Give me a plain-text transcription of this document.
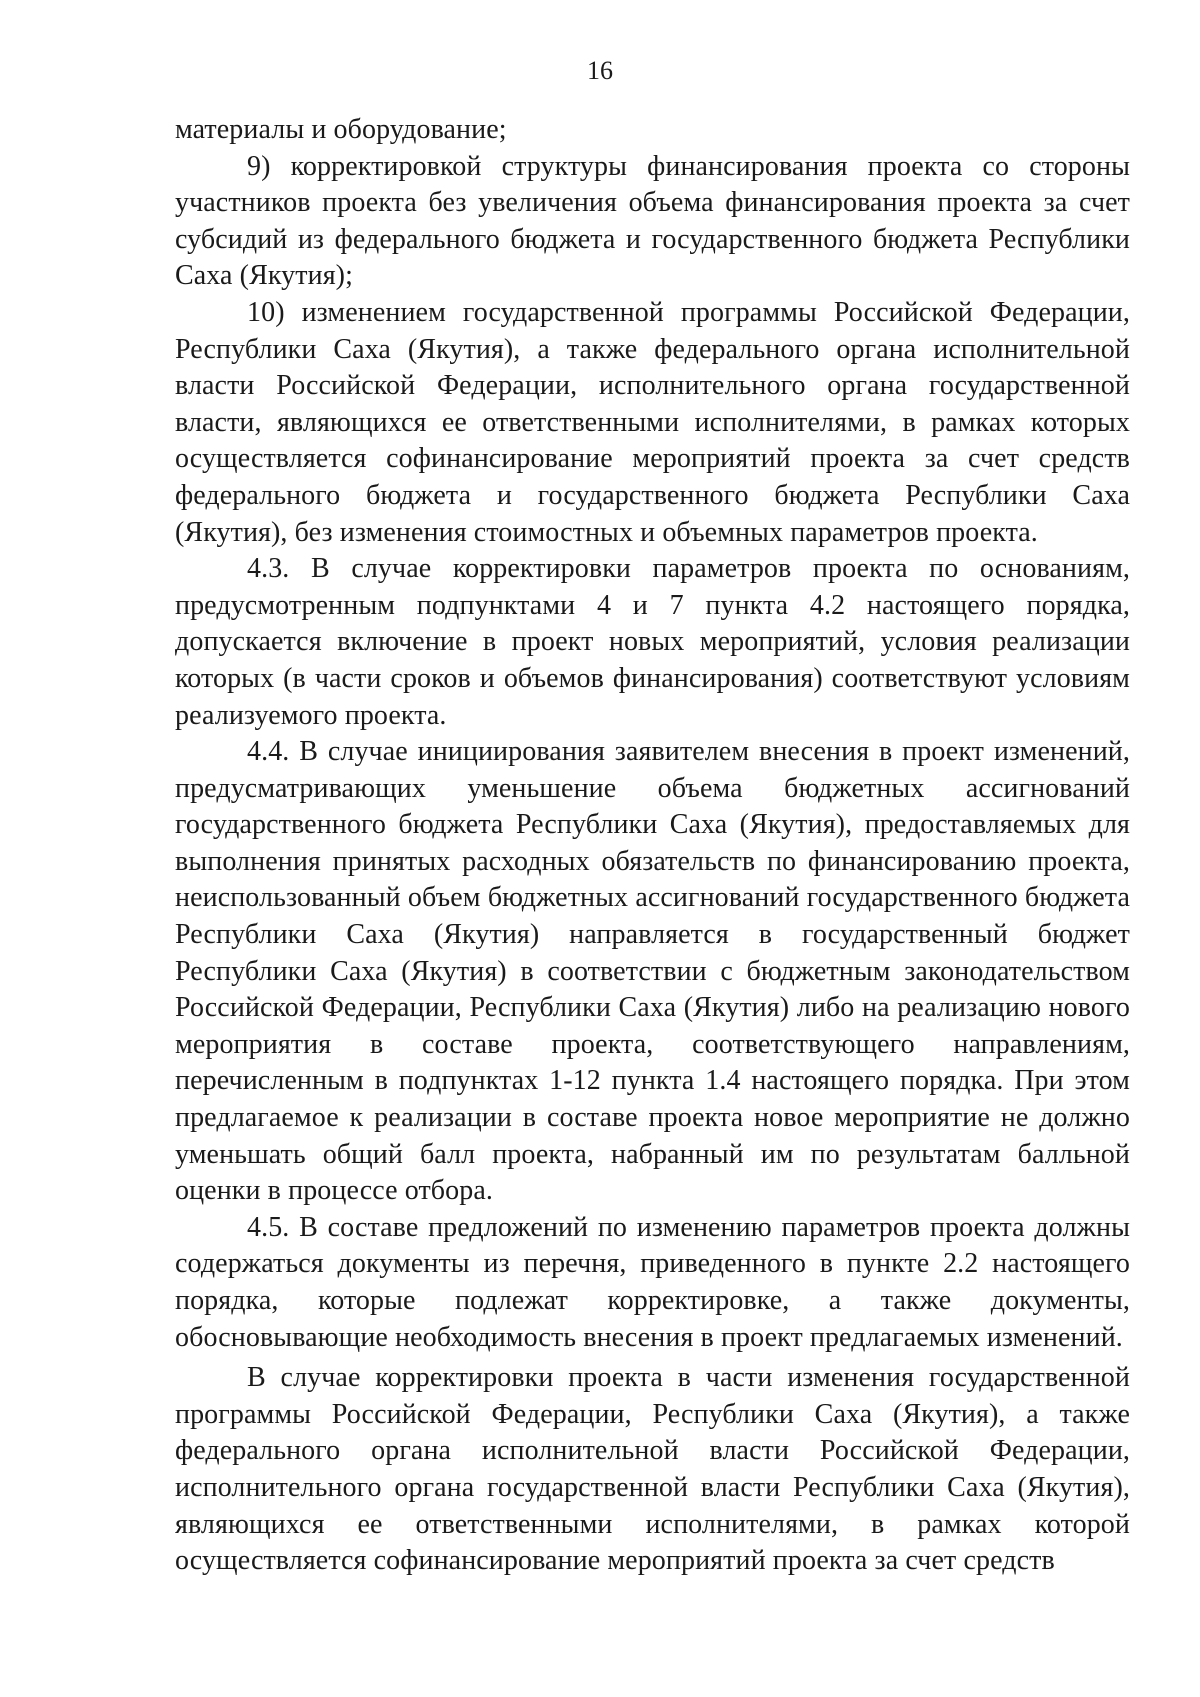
16

материалы и оборудование;

9) корректировкой структуры финансирования проекта со стороны участников проекта без увеличения объема финансирования проекта за счет субсидий из федерального бюджета и государственного бюджета Республики Саха (Якутия);

10) изменением государственной программы Российской Федерации, Республики Саха (Якутия), а также федерального органа исполнительной власти Российской Федерации, исполнительного органа государственной власти, являющихся ее ответственными исполнителями, в рамках которых осуществляется софинансирование мероприятий проекта за счет средств федерального бюджета и государственного бюджета Республики Саха (Якутия), без изменения стоимостных и объемных параметров проекта.

4.3. В случае корректировки параметров проекта по основаниям, предусмотренным подпунктами 4 и 7 пункта 4.2 настоящего порядка, допускается включение в проект новых мероприятий, условия реализации которых (в части сроков и объемов финансирования) соответствуют условиям реализуемого проекта.

4.4. В случае инициирования заявителем внесения в проект изменений, предусматривающих уменьшение объема бюджетных ассигнований государственного бюджета Республики Саха (Якутия), предоставляемых для выполнения принятых расходных обязательств по финансированию проекта, неиспользованный объем бюджетных ассигнований государственного бюджета Республики Саха (Якутия) направляется в государственный бюджет Республики Саха (Якутия) в соответствии с бюджетным законодательством Российской Федерации, Республики Саха (Якутия) либо на реализацию нового мероприятия в составе проекта, соответствующего направлениям, перечисленным в подпунктах 1-12 пункта 1.4 настоящего порядка. При этом предлагаемое к реализации в составе проекта новое мероприятие не должно уменьшать общий балл проекта, набранный им по результатам балльной оценки в процессе отбора.

4.5. В составе предложений по изменению параметров проекта должны содержаться документы из перечня, приведенного в пункте 2.2 настоящего порядка, которые подлежат корректировке, а также документы, обосновывающие необходимость внесения в проект предлагаемых изменений.

В случае корректировки проекта в части изменения государственной программы Российской Федерации, Республики Саха (Якутия), а также федерального органа исполнительной власти Российской Федерации, исполнительного органа государственной власти Республики Саха (Якутия), являющихся ее ответственными исполнителями, в рамках которой осуществляется софинансирование мероприятий проекта за счет средств
